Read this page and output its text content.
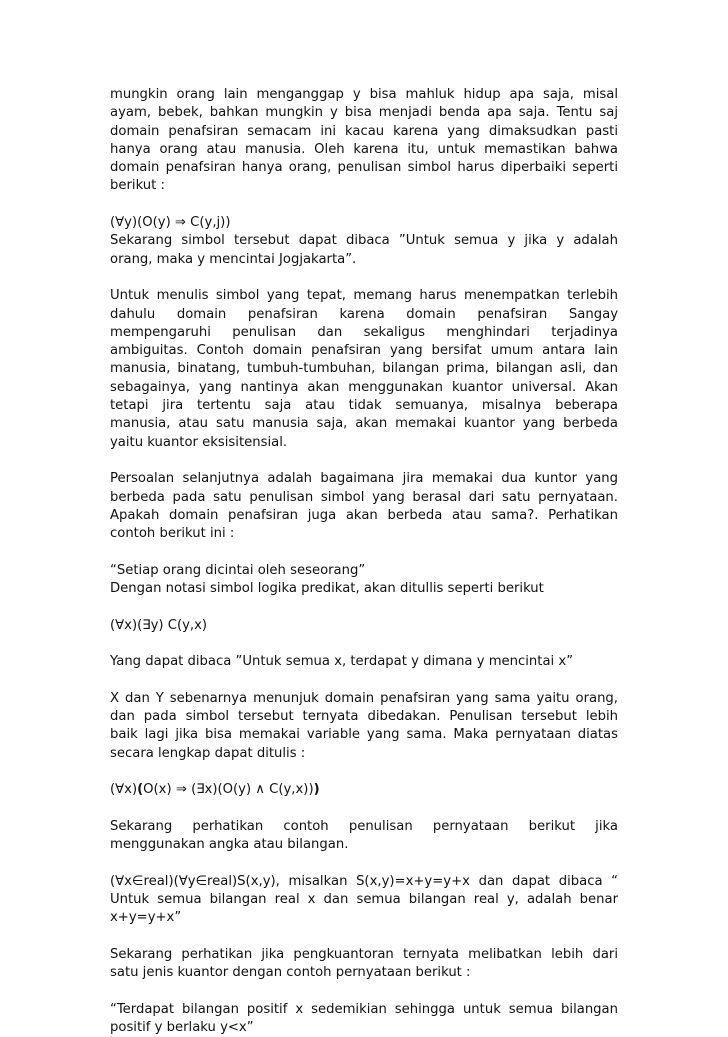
mungkin orang lain menganggap y bisa mahluk hidup apa saja, misal
ayam, bebek, bahkan mungkin y bisa menjadi benda apa saja. Tentu saj
domain penafsiran semacam ini kacau karena yang dimaksudkan pasti
hanya orang atau manusia. Oleh karena itu, untuk memastikan bahwa
domain penafsiran hanya orang, penulisan simbol harus diperbaiki seperti
berikut :

(∀y)(O(y) ⇒ C(y,j))
Sekarang simbol tersebut dapat dibaca ”Untuk semua y jika y adalah
orang, maka y mencintai Jogjakarta”.

Untuk menulis simbol yang tepat, memang harus menempatkan terlebih
dahulu domain penafsiran karena domain penafsiran Sangay
mempengaruhi penulisan dan sekaligus menghindari terjadinya
ambiguitas. Contoh domain penafsiran yang bersifat umum antara lain
manusia, binatang, tumbuh-tumbuhan, bilangan prima, bilangan asli, dan
sebagainya, yang nantinya akan menggunakan kuantor universal. Akan
tetapi jira tertentu saja atau tidak semuanya, misalnya beberapa
manusia, atau satu manusia saja, akan memakai kuantor yang berbeda
yaitu kuantor eksisitensial.

Persoalan selanjutnya adalah bagaimana jira memakai dua kuntor yang
berbeda pada satu penulisan simbol yang berasal dari satu pernyataan.
Apakah domain penafsiran juga akan berbeda atau sama?. Perhatikan
contoh berikut ini :

“Setiap orang dicintai oleh seseorang”
Dengan notasi simbol logika predikat, akan ditullis seperti berikut

(∀x)(∃y) C(y,x)

Yang dapat dibaca ”Untuk semua x, terdapat y dimana y mencintai x”

X dan Y sebenarnya menunjuk domain penafsiran yang sama yaitu orang,
dan pada simbol tersebut ternyata dibedakan. Penulisan tersebut lebih
baik lagi jika bisa memakai variable yang sama. Maka pernyataan diatas
secara lengkap dapat ditulis :

(∀x)(O(x) ⇒ (∃x)(O(y) ∧ C(y,x)))

Sekarang perhatikan contoh penulisan pernyataan berikut jika
menggunakan angka atau bilangan.

(∀x∈real)(∀y∈real)S(x,y), misalkan S(x,y)=x+y=y+x dan dapat dibaca “
Untuk semua bilangan real x dan semua bilangan real y, adalah benar
x+y=y+x”

Sekarang perhatikan jika pengkuantoran ternyata melibatkan lebih dari
satu jenis kuantor dengan contoh pernyataan berikut :

“Terdapat bilangan positif x sedemikian sehingga untuk semua bilangan
positif y berlaku y<x”
